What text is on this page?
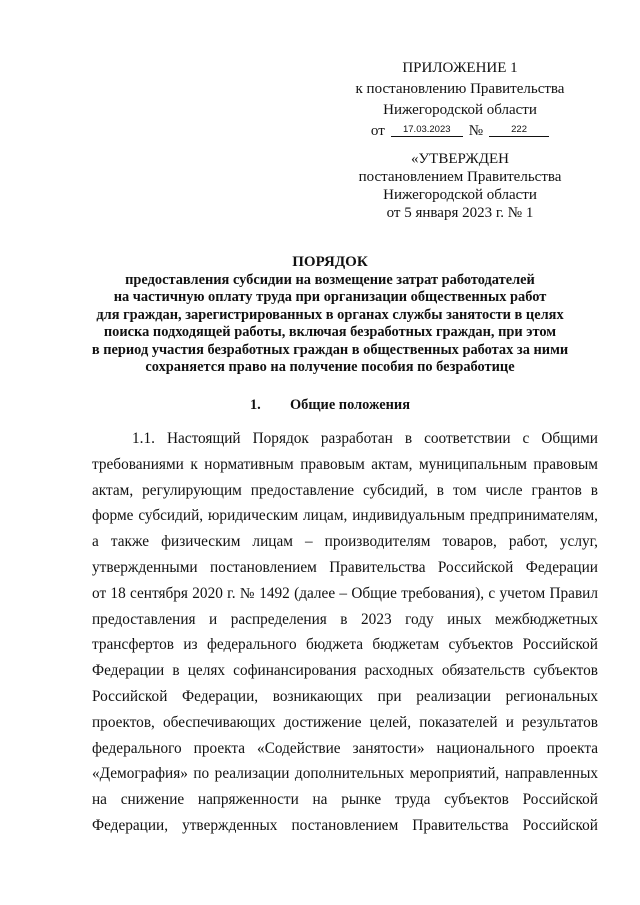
ПРИЛОЖЕНИЕ 1
к постановлению Правительства
Нижегородской области
от	17.03.2023	№	222
«УТВЕРЖДЕН
постановлением Правительства
Нижегородской области
от 5 января 2023 г. № 1
ПОРЯДОК
предоставления субсидии на возмещение затрат работодателей
на частичную оплату труда при организации общественных работ
для граждан, зарегистрированных в органах службы занятости в целях
поиска подходящей работы, включая безработных граждан, при этом
в период участия безработных граждан в общественных работах за ними
сохраняется право на получение пособия по безработице
1. Общие положения
1.1. Настоящий Порядок разработан в соответствии с Общими
требованиями к нормативным правовым актам, муниципальным правовым
актам, регулирующим предоставление субсидий, в том числе грантов в
форме субсидий, юридическим лицам, индивидуальным предпринимателям,
а также физическим лицам – производителям товаров, работ, услуг,
утвержденными постановлением Правительства Российской Федерации
от 18 сентября 2020 г. № 1492 (далее – Общие требования), с учетом Правил
предоставления и распределения в 2023 году иных межбюджетных
трансфертов из федерального бюджета бюджетам субъектов Российской
Федерации в целях софинансирования расходных обязательств субъектов
Российской Федерации, возникающих при реализации региональных
проектов, обеспечивающих достижение целей, показателей и результатов
федерального проекта «Содействие занятости» национального проекта
«Демография» по реализации дополнительных мероприятий, направленных
на снижение напряженности на рынке труда субъектов Российской
Федерации, утвержденных постановлением Правительства Российской
